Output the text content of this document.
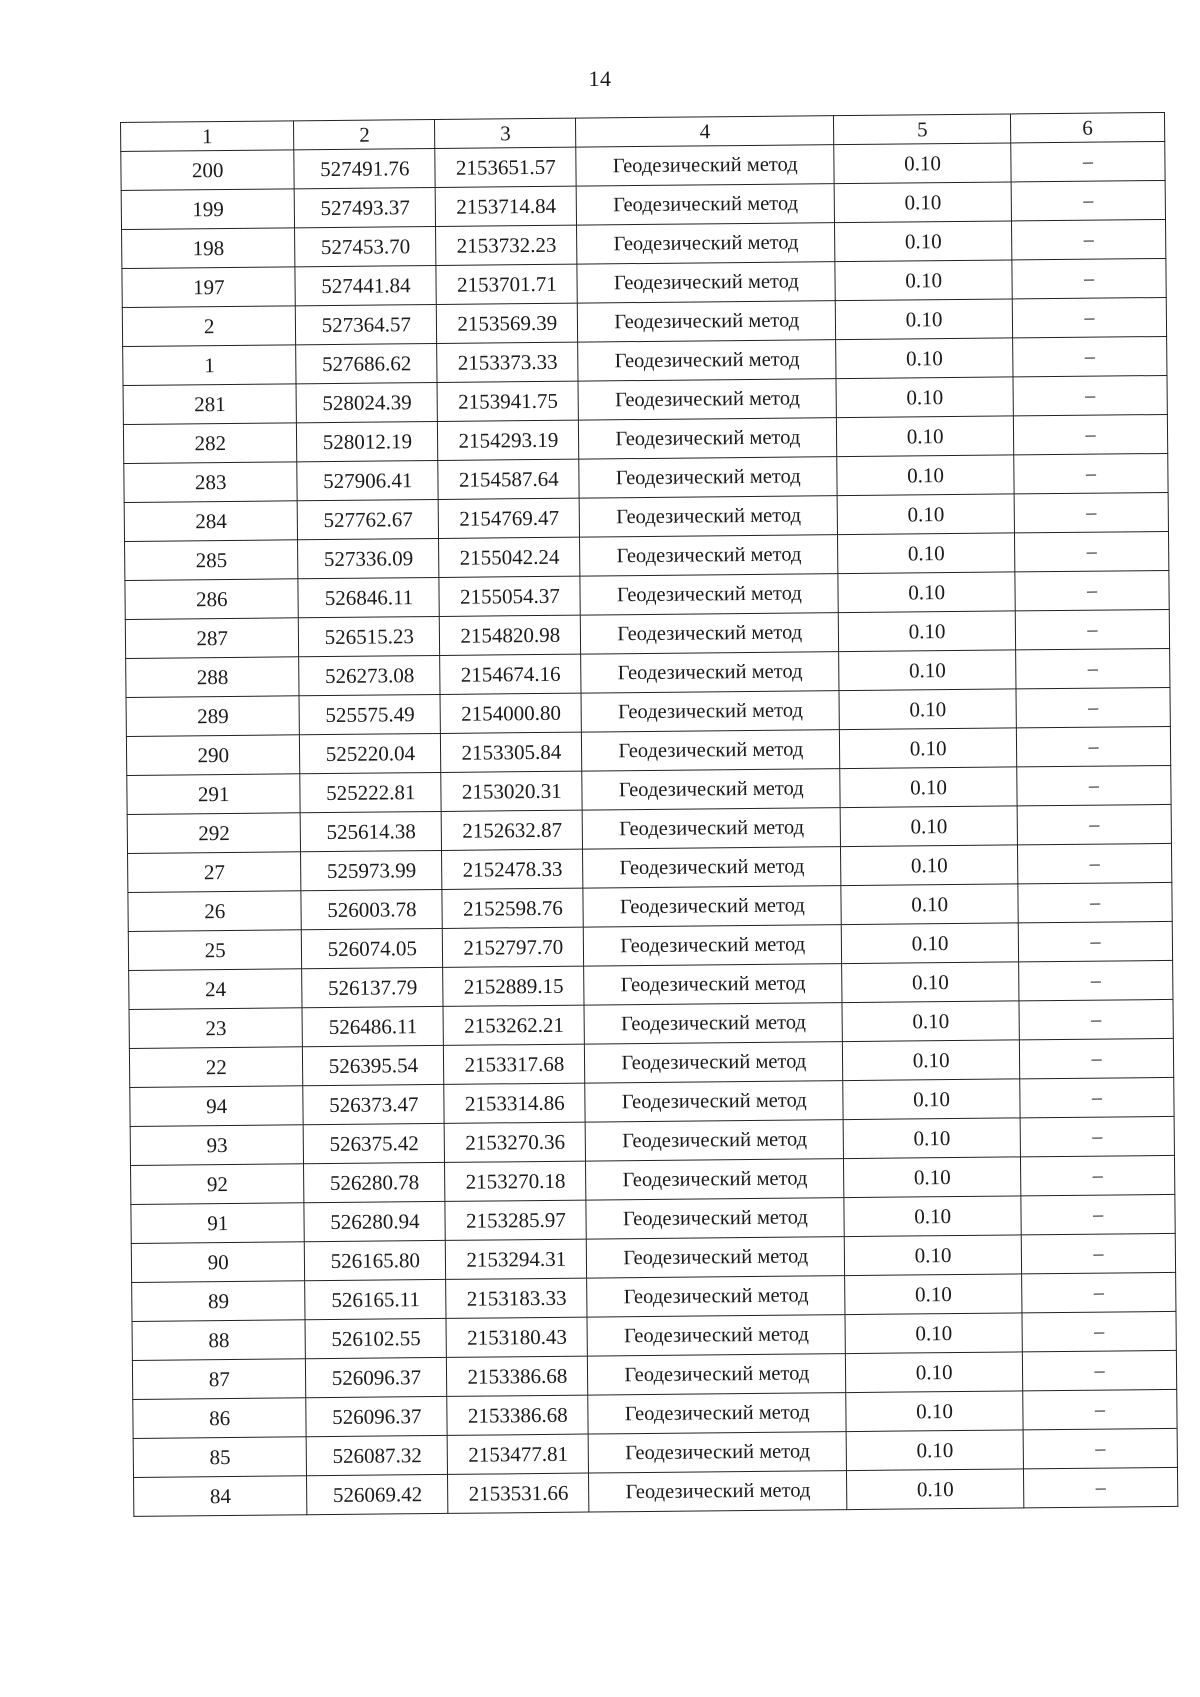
14
1	2	3	4	5	6
200	527491.76	2153651.57	Геодезический метод	0.10	–
199	527493.37	2153714.84	Геодезический метод	0.10	–
198	527453.70	2153732.23	Геодезический метод	0.10	–
197	527441.84	2153701.71	Геодезический метод	0.10	–
2	527364.57	2153569.39	Геодезический метод	0.10	–
1	527686.62	2153373.33	Геодезический метод	0.10	–
281	528024.39	2153941.75	Геодезический метод	0.10	–
282	528012.19	2154293.19	Геодезический метод	0.10	–
283	527906.41	2154587.64	Геодезический метод	0.10	–
284	527762.67	2154769.47	Геодезический метод	0.10	–
285	527336.09	2155042.24	Геодезический метод	0.10	–
286	526846.11	2155054.37	Геодезический метод	0.10	–
287	526515.23	2154820.98	Геодезический метод	0.10	–
288	526273.08	2154674.16	Геодезический метод	0.10	–
289	525575.49	2154000.80	Геодезический метод	0.10	–
290	525220.04	2153305.84	Геодезический метод	0.10	–
291	525222.81	2153020.31	Геодезический метод	0.10	–
292	525614.38	2152632.87	Геодезический метод	0.10	–
27	525973.99	2152478.33	Геодезический метод	0.10	–
26	526003.78	2152598.76	Геодезический метод	0.10	–
25	526074.05	2152797.70	Геодезический метод	0.10	–
24	526137.79	2152889.15	Геодезический метод	0.10	–
23	526486.11	2153262.21	Геодезический метод	0.10	–
22	526395.54	2153317.68	Геодезический метод	0.10	–
94	526373.47	2153314.86	Геодезический метод	0.10	–
93	526375.42	2153270.36	Геодезический метод	0.10	–
92	526280.78	2153270.18	Геодезический метод	0.10	–
91	526280.94	2153285.97	Геодезический метод	0.10	–
90	526165.80	2153294.31	Геодезический метод	0.10	–
89	526165.11	2153183.33	Геодезический метод	0.10	–
88	526102.55	2153180.43	Геодезический метод	0.10	–
87	526096.37	2153386.68	Геодезический метод	0.10	–
86	526096.37	2153386.68	Геодезический метод	0.10	–
85	526087.32	2153477.81	Геодезический метод	0.10	–
84	526069.42	2153531.66	Геодезический метод	0.10	–
